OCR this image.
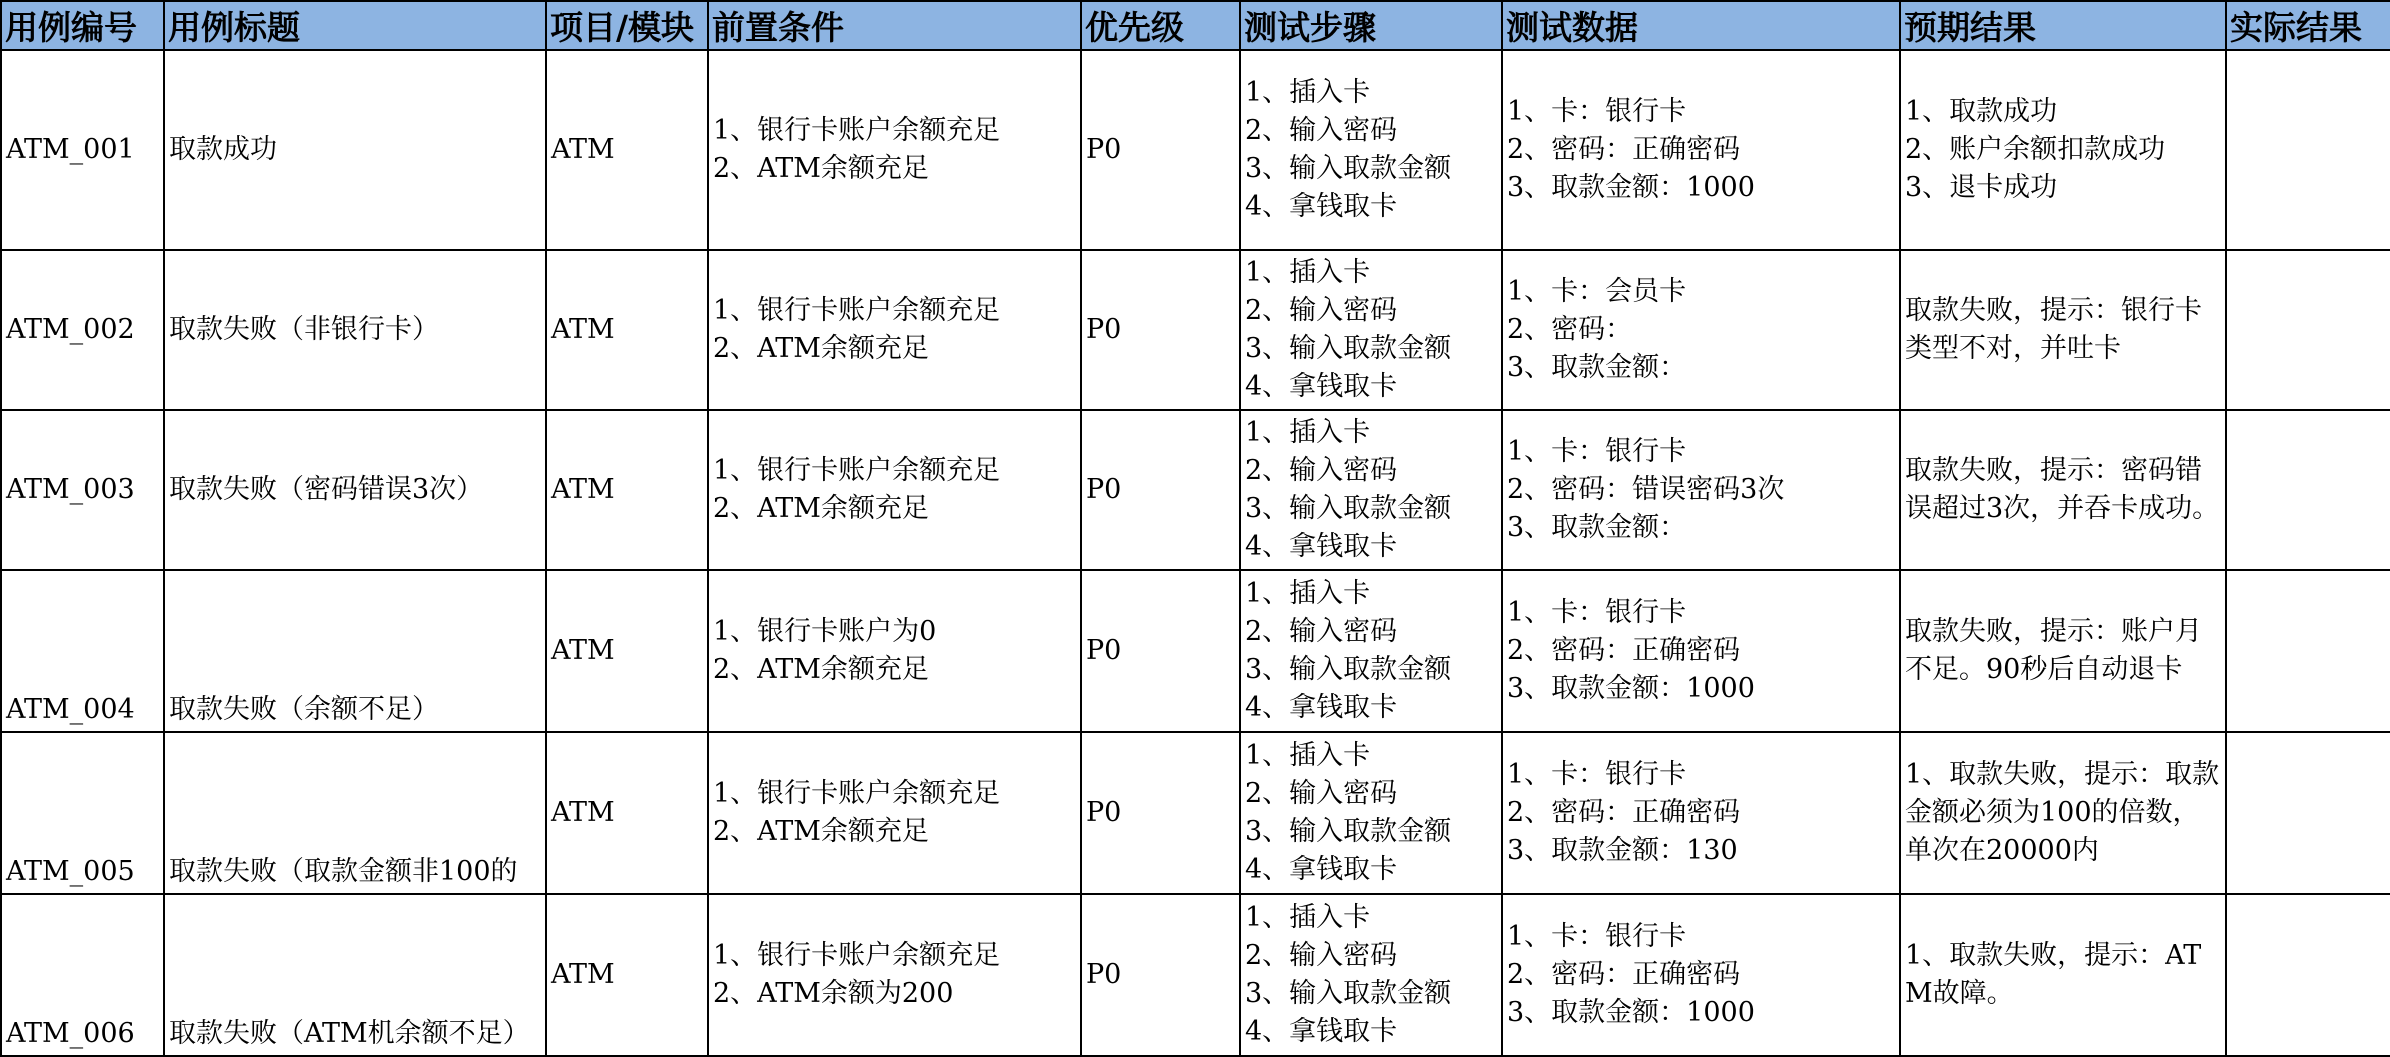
用例编号	用例标题	项目/模块	前置条件	优先级	测试步骤	测试数据	预期结果	实际结果
ATM_001	取款成功	ATM	1、银行卡账户余额充足
2、ATM余额充足	P0	1、插入卡
2、输入密码
3、输入取款金额
4、拿钱取卡	1、卡：银行卡
2、密码：正确密码
3、取款金额：1000	1、取款成功
2、账户余额扣款成功
3、退卡成功	

ATM_002	取款失败（非银行卡）	ATM	1、银行卡账户余额充足
2、ATM余额充足	P0	1、插入卡
2、输入密码
3、输入取款金额
4、拿钱取卡	1、卡：会员卡
2、密码：
3、取款金额：	取款失败，提示：银行卡类型不对，并吐卡	

ATM_003	取款失败（密码错误3次）	ATM	1、银行卡账户余额充足
2、ATM余额充足	P0	1、插入卡
2、输入密码
3、输入取款金额
4、拿钱取卡	1、卡：银行卡
2、密码：错误密码3次
3、取款金额：	取款失败，提示：密码错误超过3次，并吞卡成功。	

ATM_004	取款失败（余额不足）	ATM	1、银行卡账户为0
2、ATM余额充足	P0	1、插入卡
2、输入密码
3、输入取款金额
4、拿钱取卡	1、卡：银行卡
2、密码：正确密码
3、取款金额：1000	取款失败，提示：账户月不足。90秒后自动退卡	

ATM_005	取款失败（取款金额非100的	ATM	1、银行卡账户余额充足
2、ATM余额充足	P0	1、插入卡
2、输入密码
3、输入取款金额
4、拿钱取卡	1、卡：银行卡
2、密码：正确密码
3、取款金额：130	1、取款失败，提示：取款金额必须为100的倍数，单次在20000内	

ATM_006	取款失败（ATM机余额不足）	ATM	1、银行卡账户余额充足
2、ATM余额为200	P0	1、插入卡
2、输入密码
3、输入取款金额
4、拿钱取卡	1、卡：银行卡
2、密码：正确密码
3、取款金额：1000	1、取款失败，提示：ATM故障。	
